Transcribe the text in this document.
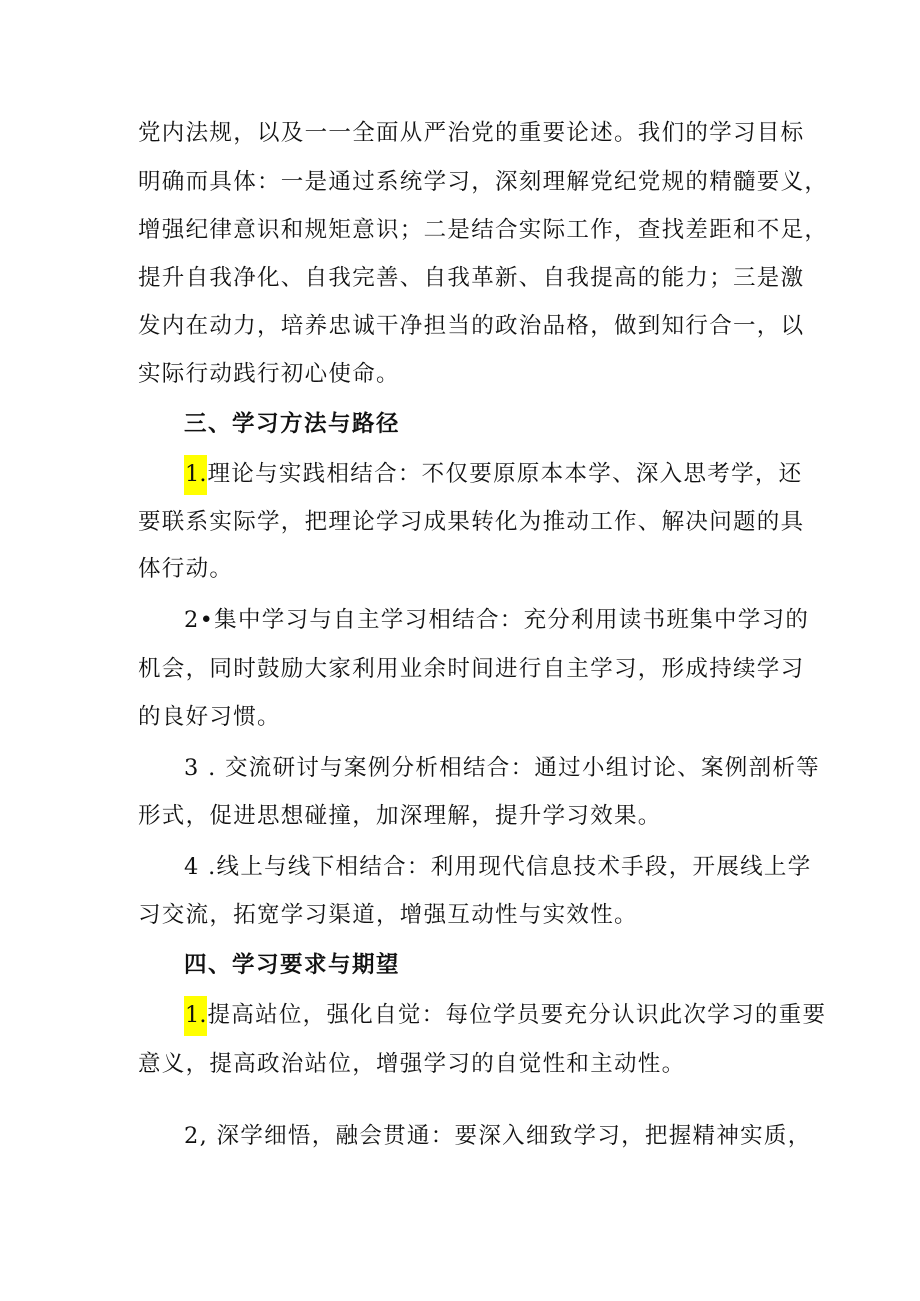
党内法规，以及一一全面从严治党的重要论述。我们的学习目标
明确而具体：一是通过系统学习，深刻理解党纪党规的精髓要义，
增强纪律意识和规矩意识；二是结合实际工作，查找差距和不足，
提升自我净化、自我完善、自我革新、自我提高的能力；三是激
发内在动力，培养忠诚干净担当的政治品格，做到知行合一，以
实际行动践行初心使命。
三、学习方法与路径
1.理论与实践相结合：不仅要原原本本学、深入思考学，还
要联系实际学，把理论学习成果转化为推动工作、解决问题的具
体行动。
2•集中学习与自主学习相结合：充分利用读书班集中学习的
机会，同时鼓励大家利用业余时间进行自主学习，形成持续学习
的良好习惯。
3 . 交流研讨与案例分析相结合：通过小组讨论、案例剖析等
形式，促进思想碰撞，加深理解，提升学习效果。
4 .线上与线下相结合：利用现代信息技术手段，开展线上学
习交流，拓宽学习渠道，增强互动性与实效性。
四、学习要求与期望
1.提高站位，强化自觉：每位学员要充分认识此次学习的重要
意义，提高政治站位，增强学习的自觉性和主动性。
2, 深学细悟，融会贯通：要深入细致学习，把握精神实质，
